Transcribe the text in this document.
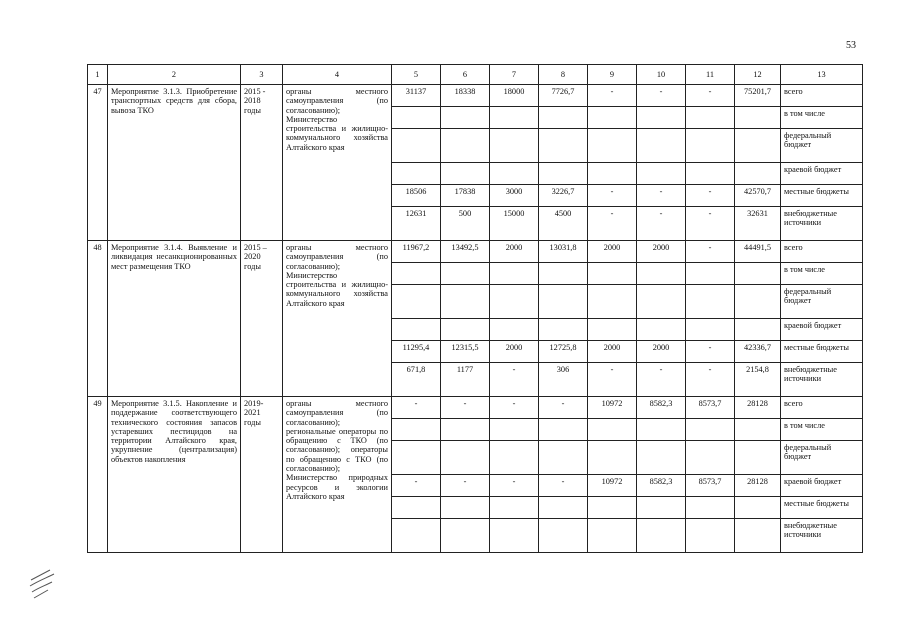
53
1	2	3	4	5	6	7	8	9	10	11	12	13
47	Мероприятие 3.1.3. Приобретение транспортных средств для сбора, вывоза ТКО	2015 - 2018 годы	органы местного самоуправления (по согласованию); Министерство строительства и жилищно-коммунального хозяйства Алтайского края	31137	18338	18000	7726,7	-	-	-	75201,7	всего
												в том числе
												федеральный бюджет
												краевой бюджет
				18506	17838	3000	3226,7	-	-	-	42570,7	местные бюджеты
				12631	500	15000	4500	-	-	-	32631	внебюджетные источники
48	Мероприятие 3.1.4. Выявление и ликвидация несанкционированных мест размещения ТКО	2015 – 2020 годы	органы местного самоуправления (по согласованию); Министерство строительства и жилищно-коммунального хозяйства Алтайского края	11967,2	13492,5	2000	13031,8	2000	2000	-	44491,5	всего
												в том числе
												федеральный бюджет
												краевой бюджет
				11295,4	12315,5	2000	12725,8	2000	2000	-	42336,7	местные бюджеты
				671,8	1177	-	306	-	-	-	2154,8	внебюджетные источники
49	Мероприятие 3.1.5. Накопление и поддержание соответствующего технического состояния запасов устаревших пестицидов на территории Алтайского края, укрупнение (централизация) объектов накопления	2019-2021 годы	органы местного самоуправления (по согласованию); региональные операторы по обращению с ТКО (по согласованию); операторы по обращению с ТКО (по согласованию); Министерство природных ресурсов и экологии Алтайского края	-	-	-	-	10972	8582,3	8573,7	28128	всего
												в том числе
												федеральный бюджет
				-	-	-	-	10972	8582,3	8573,7	28128	краевой бюджет
												местные бюджеты
												внебюджетные источники
